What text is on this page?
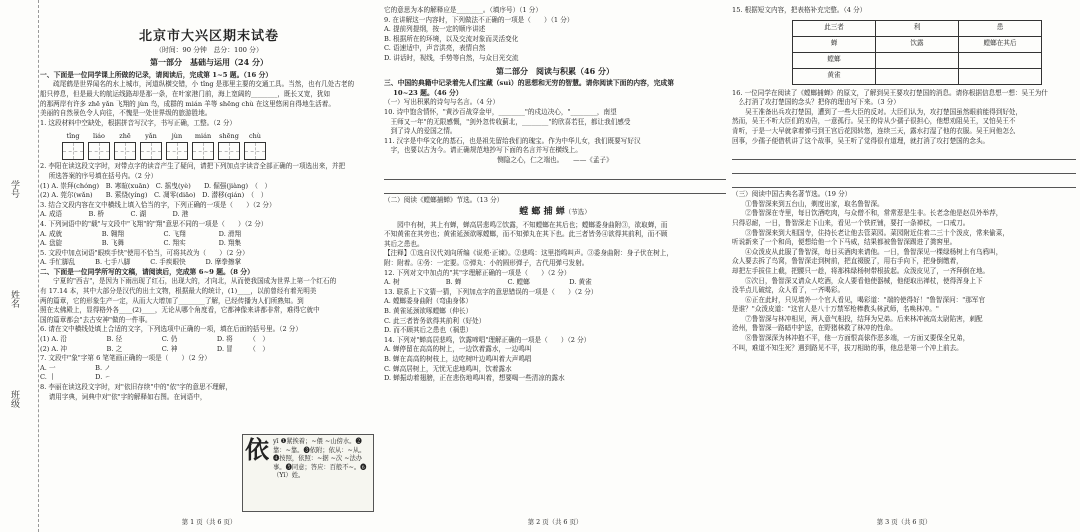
学号
姓名
班级
北京市大兴区期末试卷
（时间：90 分钟　总分：100 分）
第一部分　基础与运用（24 分）
一、下面是一位同学课上所做的记录，请阅读后，完成第 1~5 题。（16 分）
　　疏尾鹤是世界闻名的水上城市，河道纵横交错，小 tǐng 是那里主要的交通工具。当然，也有几处古老的
船只停息，但是最大的航运线路却是那一条，在叶家港门前，海上宽阔的________，既长又宽，犹如
的那两岸有许多 zhē yǎn 飞翔的 jùn 鸟，成群的 mián 羊等 shēng chù 在这里悠闲自得地生活着。
美丽的自然景色令人向往，不愧是一处世界级的旅游胜地。
1. 这段材料中空缺处，根据拼音写汉字，书写正确，工整。（2 分）
tǐng liáo zhē yǎn jùn mián shēng chù
2. 李阳在读这段文字时，对带点字的读音产生了疑问，请把下列加点字读音全部正确的一项选出来，并把
　 所选答案的序号填在括号内。（2 分）
(1) A. 崇拜(chóng)　B. 寒暄(xuān)　C. 摇曳(yè)　　D. 倔强(jiàng)　（　）
(2) A. 莞尔(wǎn)　　B. 萦绕(yíng)　C. 凋零(diāo)　D. 潜移(qián)　（　）
3. 结合文段内容在文中横线上填入恰当的字，下列正确的一项是（　　）（2 分）
A. 成语　　　　B. 桥　　　　C. 湖　　　　D. 港
4. 下列词语中的"载"与文段中"飞翔"的"翔"意思不同的一项是（　　）（2 分）
A. 成就　　　　　　B. 翱翔　　　　　　C. 飞翔　　　　　D. 滑翔
A. 盘旋　　　　　　B. 飞舞　　　　　　C. 翔实　　　　　D. 翔集
5. 文段中加点词语"眼疾手快"使用不恰当，可将其改为（　　）（2 分）
A. 手忙脚乱　　　B. 七手八脚　　　C. 手疾眼快　　　D. 摩拳擦掌
二、下面是一位同学所写的文稿，请阅读后，完成第 6~9 题。（8 分）
　　宁夏的"西吉"，是因为下雨出现了红石，出现大的，才向北，从而使我国成为世界上第一个红石的
有 17.14 本，其中大部分是汉代的出土文物，根据最大的统计，(1)____，以前曾经有着光明美
两的篇章，它的形象生产一定，从而大大增加了________了解，已经传播为人们所熟知。到
照在太佛殿上，显得格外各____(2)____，无论从哪个角度看，它都神像来讲都非常，难得它就中
国的篇章都会"去古安神"做的一件事。
6. 请在文中横线处填上合适的文字，下列选项中正确的一项，填在后面的括号里。（2 分）
(1) A. 沿　　　　　　B. 径　　　　　　C. 仍　　　　　　D. 将　　　（　）
(2) A. 冲　　　　　　B. 之　　　　　　C. 神　　　　　　D. 冒　　　（　）
7. 文段中"象"字第 6 笔笔画正确的一项是（　　）（2 分）
A. 一　　　　　　B. ノ
C. 丨　　　　　　D. ㇀
8. 李丽在读这段文字时，对"依旧存续"中的"依"字的意思不理解，
　 请用字典，词典中对"依"字的解释如右图。在词语中，
依 yī ❶紧挨着；~偎 ~山傍水。❷靠：~靠。❸依附；依从：~从。❹按照，依照：~据 ~次 ~法办事。❺同意；答应：百般不~。❻（Yī）姓。
第 1 页（共 6 页）
它的意思为本的解释应是________。（填序号）（1 分）
9. 在讲解这一内容时，下列做法不正确的一项是（　　）（1 分）
A. 提前列提纲，按一定的顺序讲述
B. 根据所在的环境，以及交流对象而灵活变化
C. 语速适中，声音洪亮，表情自然
D. 讲话时，视线，手势等自然，与众目光交流
第二部分　阅读与积累（46 分）
三、中国的典籍中记录着先人们宝藏（suì）的思想和无穷的智慧。请你阅读下面的内容，完成第
　 10~23 题。（46 分）
（一）写出积累的诗句与名言。（4 分）
10. 诗中饱含情怀，"黄沙百战穿金甲，________"的戍边决心，"________，南望
　王师又一年"的无限感慨，"剑外忽传收蓟北，________"的欣喜若狂，都让我们感受
　到了诗人的爱国之情。
11. 汉字是中华文化的基石，也是祖先留给我们的瑰宝。作为中华儿女，我们既要写好汉
　字，也要以古为今。请正确规范地抄写下面的名言并写在横线上。
恻隐之心，仁之端也。　　——《孟子》
（二）阅读《螳螂捕蝉》节选。（13 分）
螳 螂 捕 蝉（节选）
　　园中有树，其上有蝉，蝉高居悲鸣②饮露，不知螳螂在其后也；螳螂委身曲附③，欲取蝉，而
不知黄雀在其旁也；黄雀延颈欲啄螳螂，而不知弹丸在其下也。此三者皆务④欲得其前利，而不顾
其后之患也。
【注释】①选自汉代刘向所编《说苑·正谏》。②悲鸣：这里指鸣叫声。③委身曲附：身子伏在树上，
附：附着。④务：一定要。⑤弹丸：小的圆形弹子，古代用弹弓发射。
12. 下列对文中加点的"其"字理解正确的一项是（　　）（2 分）
A. 树　　　　　　　B. 蝉　　　　　　　C. 螳螂　　　　　　D. 黄雀
13. 联系上下文猜一猜，下列加点字的意思错误的一项是（　　）（2 分）
A. 螳螂委身曲附（弯曲身体）
B. 黄雀延颈欲啄螳螂（伸长）
C. 此三者皆务欲得其前利（好处）
D. 而不顾其后之患也（祸患）
14. 下列对"蝉高居悲鸣，饮露啼唱"理解正确的一项是（　　）（2 分）
A. 蝉停留在高高的树上，一边饮着露水，一边鸣叫
B. 蝉在高高的树枝上，边吃树叶边鸣叫着大声鸣唱
C. 蝉高居树上，无忧无虑地鸣叫，饮着露水
D. 蝉振动着翅膀，正在悲伤地鸣叫着，想要喝一些清凉的露水
第 2 页（共 6 页）
15. 根据短文内容，把表格补充完整。（4 分）
此三者	利	患
蝉	饮露	螳螂在其后
螳螂		
黄雀		
16. 一位同学在阅读了《螳螂捕蝉》的原文，了解到吴王要攻打楚国的消息。请你根据信息想一想：吴王为什
　么打消了攻打楚国的念头？把你的理由写下来。（3 分）
　　吴王准备出兵攻打楚国，遭到了一些大臣的反对。大臣们认为，攻打楚国虽然眼前能得到好处，
然而，吴王不听大臣们的劝告，一意孤行。吴王的侍从少孺子很担心，他想劝阻吴王，又怕吴王不
肯听，于是一大早就拿着弹弓到王宫后花园转悠，连续三天，露水打湿了他的衣服。吴王问他怎么
回事，少孺子便借机讲了这个故事，吴王听了觉得很有道理，就打消了攻打楚国的念头。
（三）阅读中国古典名著节选。（19 分）
　　①鲁智深来到五台山，剃度出家，取名鲁智深。
　　②鲁智深在寺里，每日饮酒吃肉，与众僧不和，常常惹是生非。长老念他是赵员外举荐，
只得忍耐，一日，鲁智深走下山来，看见一个铁匠铺，要打一条禅杖，一口戒刀。
　　③鲁智深来到大相国寺，住持长老让他去管菜园。菜园附近住着二三十个泼皮，常来偷菜，
听说新来了一个和尚，便想给他一个下马威，结果都被鲁智深踢进了粪窖里。
　　④众泼皮从此服了鲁智深，每日买酒肉来请他。一日，鲁智深见一棵绿杨树上有乌鸦叫，
众人要去拆了鸟窝，鲁智深走到树前，把直裰脱了，用右手向下，把身倒缴着，
却把左手拔住上截，把腰只一趁，将那株绿杨树带根拔起。众泼皮见了，一齐拜倒在地。
　　⑤次日，鲁智深又请众人吃酒，众人要看他使器械，他便取出禅杖，使得浑身上下
没半点儿破绽，众人看了，一齐喝彩。
　　⑥正在此时，只见墙外一个官人看见，喝彩道："端的使得好！"鲁智深问："那军官
是谁？"众泼皮道："这官人是八十万禁军枪棒教头林武师，名唤林冲。"
　　⑦鲁智深与林冲相见，两人意气相投，结拜为兄弟。后来林冲被高太尉陷害，刺配
沧州，鲁智深一路暗中护送，在野猪林救了林冲的性命。
　　⑧鲁智深深为林冲抱不平，他一方面恨高俅作恶多端，一方面又要保全兄弟，
不叫，难道不知生死？遇到路见不平，拔刀相助的事，他总是第一个冲上前去。
第 3 页（共 6 页）
